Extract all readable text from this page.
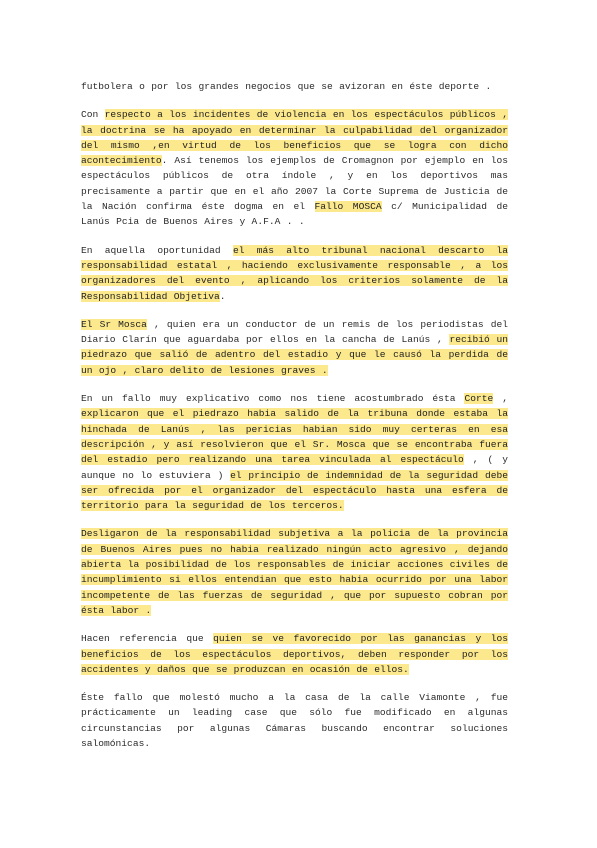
futbolera o por los grandes negocios que se avizoran en éste deporte .

Con respecto a los incidentes de violencia en los espectáculos públicos , la doctrina se ha apoyado en determinar la culpabilidad del organizador del mismo ,en virtud de los beneficios que se logra con dicho acontecimiento. Así tenemos los ejemplos de Cromagnon por ejemplo en los espectáculos públicos de otra índole , y en los deportivos mas precisamente a partir que en el año 2007 la Corte Suprema de Justicia de la Nación confirma éste dogma en el Fallo MOSCA c/ Municipalidad de Lanús Pcia de Buenos Aires y A.F.A . .

En aquella oportunidad el más alto tribunal nacional descarto la responsabilidad estatal , haciendo exclusivamente responsable , a los organizadores del evento , aplicando los criterios solamente de la Responsabilidad Objetiva.

El Sr Mosca , quien era un conductor de un remis de los periodistas del Diario Clarín que aguardaba por ellos en la cancha de Lanús , recibió un piedrazo que salió de adentro del estadio y que le causó la perdida de un ojo , claro delito de lesiones graves .

En un fallo muy explicativo como nos tiene acostumbrado ésta Corte , explicaron que el piedrazo habia salido de la tribuna donde estaba la hinchada de Lanús , las pericias habian sido muy certeras en esa descripción , y así resolvieron que el Sr. Mosca que se encontraba fuera del estadio pero realizando una tarea vinculada al espectáculo , ( y aunque no lo estuviera ) el principio de indemnidad de la seguridad debe ser ofrecida por el organizador del espectáculo hasta una esfera de territorio para la seguridad de los terceros.

Desligaron de la responsabilidad subjetiva a la policia de la provincia de Buenos Aires pues no habia realizado ningún acto agresivo , dejando abierta la posibilidad de los responsables de iniciar acciones civiles de incumplimiento si ellos entendian que esto habia ocurrido por una labor incompetente de las fuerzas de seguridad , que por supuesto cobran por ésta labor .

Hacen referencia que quien se ve favorecido por las ganancias y los beneficios de los espectáculos deportivos, deben responder por los accidentes y daños que se produzcan en ocasión de ellos.

Éste fallo que molestó mucho a la casa de la calle Viamonte , fue prácticamente un leading case que sólo fue modificado en algunas circunstancias por algunas Cámaras buscando encontrar soluciones salomónicas.
